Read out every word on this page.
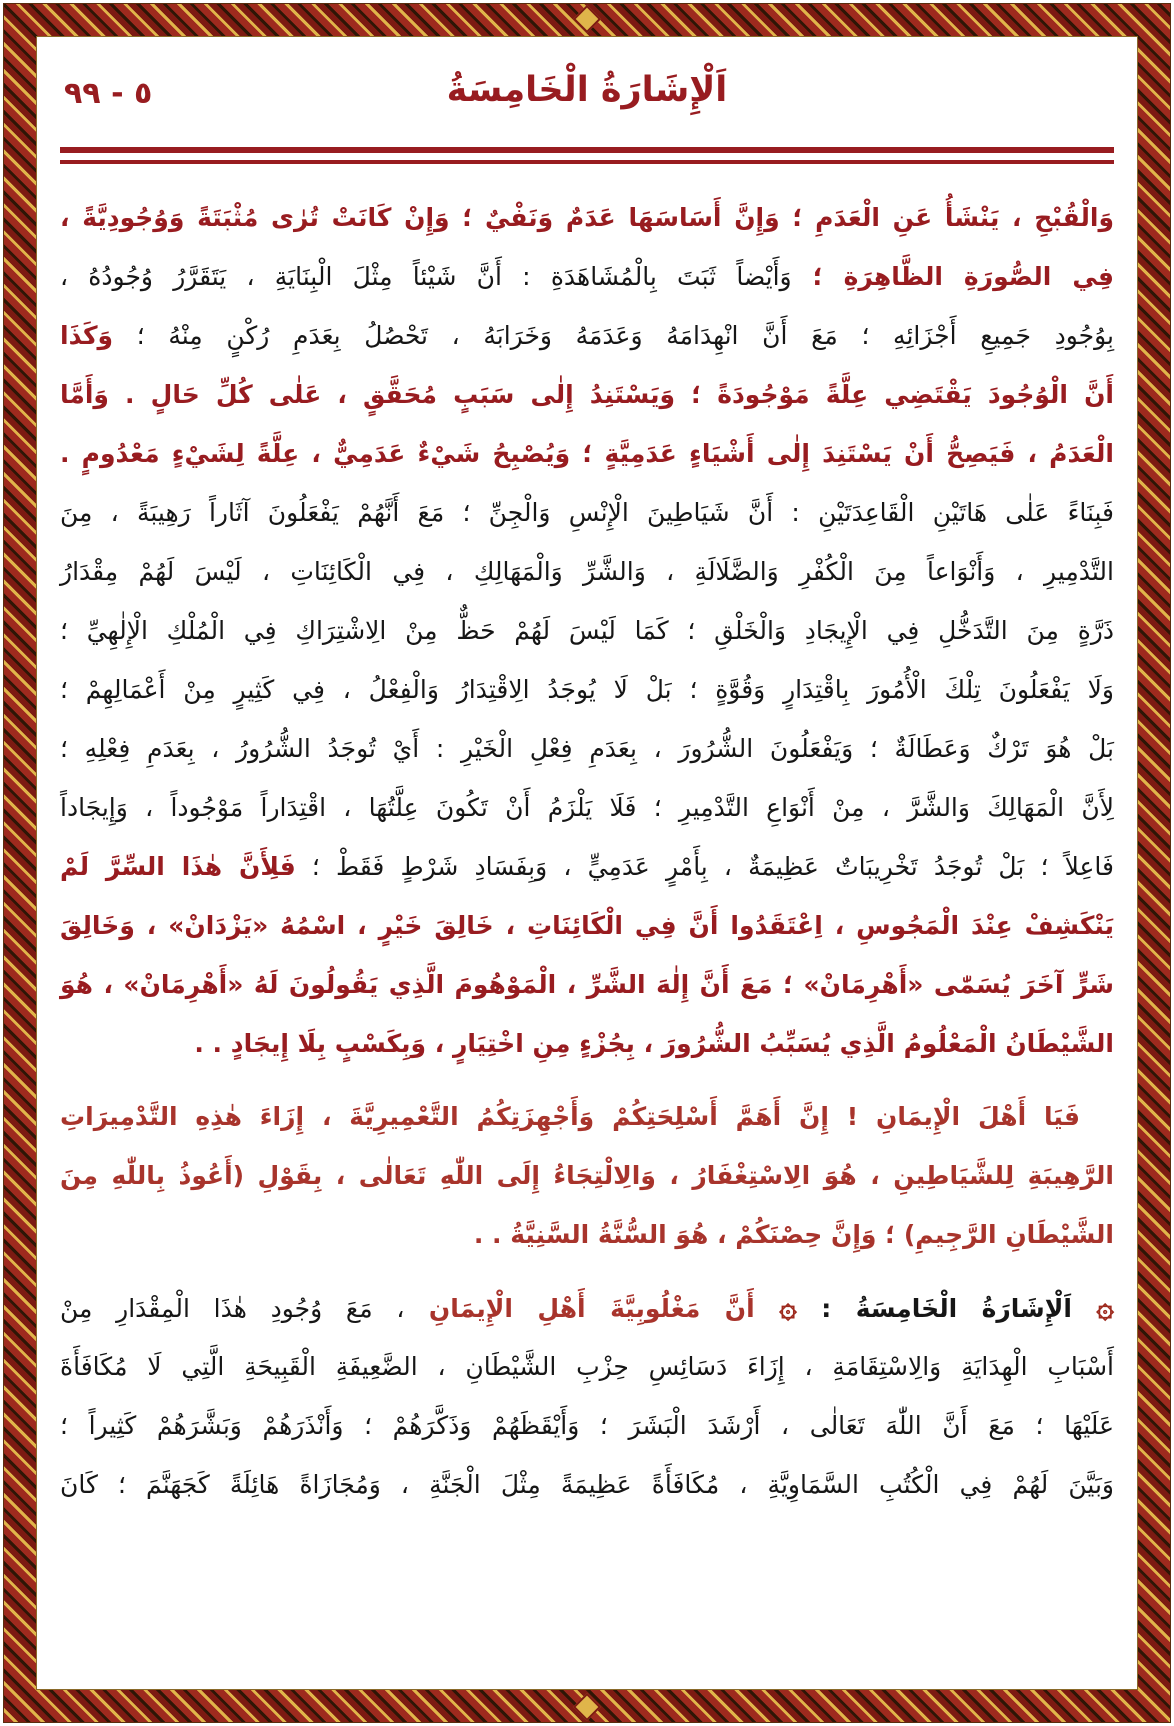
٥ - ٩٩	اَلْإِشَارَةُ الْخَامِسَةُ
وَالْقُبْحِ ، يَنْشَأُ عَنِ الْعَدَمِ ؛ وَإِنَّ أَسَاسَهَا عَدَمٌ وَنَفْيٌ ؛ وَإِنْ كَانَتْ تُرٰى مُثْبَتَةً وَوُجُودِيَّةً ،
فِي الصُّورَةِ الظَّاهِرَةِ ؛ وَأَيْضاً ثَبَتَ بِالْمُشَاهَدَةِ : أَنَّ شَيْئاً مِثْلَ الْبِنَايَةِ ، يَتَقَرَّرُ وُجُودُهُ ،
بِوُجُودِ جَمِيعِ أَجْزَائِهِ ؛ مَعَ أَنَّ انْهِدَامَهُ وَعَدَمَهُ وَخَرَابَهُ ، تَحْصُلُ بِعَدَمِ رُكْنٍ مِنْهُ ؛ وَكَذَا
أَنَّ الْوُجُودَ يَقْتَضِي عِلَّةً مَوْجُودَةً ؛ وَيَسْتَنِدُ إِلٰى سَبَبٍ مُحَقَّقٍ ، عَلٰى كُلِّ حَالٍ . وَأَمَّا
الْعَدَمُ ، فَيَصِحُّ أَنْ يَسْتَنِدَ إِلٰى أَشْيَاءٍ عَدَمِيَّةٍ ؛ وَيُصْبِحُ شَيْءٌ عَدَمِيٌّ ، عِلَّةً لِشَيْءٍ مَعْدُومٍ .
فَبِنَاءً عَلٰى هَاتَيْنِ الْقَاعِدَتَيْنِ : أَنَّ شَيَاطِينَ الْإِنْسِ وَالْجِنِّ ؛ مَعَ أَنَّهُمْ يَفْعَلُونَ آثَاراً رَهِيبَةً ، مِنَ
التَّدْمِيرِ ، وَأَنْوَاعاً مِنَ الْكُفْرِ وَالضَّلَالَةِ ، وَالشَّرِّ وَالْمَهَالِكِ ، فِي الْكَائِنَاتِ ، لَيْسَ لَهُمْ مِقْدَارُ
ذَرَّةٍ مِنَ التَّدَخُّلِ فِي الْإِيجَادِ وَالْخَلْقِ ؛ كَمَا لَيْسَ لَهُمْ حَظٌّ مِنْ الِاشْتِرَاكِ فِي الْمُلْكِ الْإِلٰهِيِّ ؛
وَلَا يَفْعَلُونَ تِلْكَ الْأُمُورَ بِاقْتِدَارٍ وَقُوَّةٍ ؛ بَلْ لَا يُوجَدُ الِاقْتِدَارُ وَالْفِعْلُ ، فِي كَثِيرٍ مِنْ أَعْمَالِهِمْ ؛
بَلْ هُوَ تَرْكٌ وَعَطَالَةٌ ؛ وَيَفْعَلُونَ الشُّرُورَ ، بِعَدَمِ فِعْلِ الْخَيْرِ : أَيْ تُوجَدُ الشُّرُورُ ، بِعَدَمِ فِعْلِهِ ؛
لِأَنَّ الْمَهَالِكَ وَالشَّرَّ ، مِنْ أَنْوَاعِ التَّدْمِيرِ ؛ فَلَا يَلْزَمُ أَنْ تَكُونَ عِلَّتُهَا ، اقْتِدَاراً مَوْجُوداً ، وَإِيجَاداً
فَاعِلاً ؛ بَلْ تُوجَدُ تَخْرِيبَاتٌ عَظِيمَةٌ ، بِأَمْرٍ عَدَمِيٍّ ، وَبِفَسَادِ شَرْطٍ فَقَطْ ؛ فَلِأَنَّ هٰذَا السِّرَّ لَمْ
يَنْكَشِفْ عِنْدَ الْمَجُوسِ ، اِعْتَقَدُوا أَنَّ فِي الْكَائِنَاتِ ، خَالِقَ خَيْرٍ ، اسْمُهُ «يَزْدَانْ» ، وَخَالِقَ
شَرٍّ آخَرَ يُسَمّٰى «أَهْرِمَانْ» ؛ مَعَ أَنَّ إِلٰهَ الشَّرِّ ، الْمَوْهُومَ الَّذِي يَقُولُونَ لَهُ «أَهْرِمَانْ» ، هُوَ
الشَّيْطَانُ الْمَعْلُومُ الَّذِي يُسَبِّبُ الشُّرُورَ ، بِجُزْءٍ مِنِ اخْتِيَارٍ ، وَبِكَسْبٍ بِلَا إِيجَادٍ . .
فَيَا أَهْلَ الْإِيمَانِ ! إِنَّ أَهَمَّ أَسْلِحَتِكُمْ وَأَجْهِزَتِكُمُ التَّعْمِيرِيَّةَ ، إِزَاءَ هٰذِهِ التَّدْمِيرَاتِ
الرَّهِيبَةِ لِلشَّيَاطِينِ ، هُوَ الِاسْتِغْفَارُ ، وَالِالْتِجَاءُ إِلَى اللّٰهِ تَعَالٰى ، بِقَوْلِ (أَعُوذُ بِاللّٰهِ مِنَ
الشَّيْطَانِ الرَّجِيمِ) ؛ وَإِنَّ حِصْنَكُمْ ، هُوَ السُّنَّةُ السَّنِيَّةُ . .
۞ اَلْإِشَارَةُ الْخَامِسَةُ : ۞ أَنَّ مَغْلُوبِيَّةَ أَهْلِ الْإِيمَانِ ، مَعَ وُجُودِ هٰذَا الْمِقْدَارِ مِنْ
أَسْبَابِ الْهِدَايَةِ وَالِاسْتِقَامَةِ ، إِزَاءَ دَسَائِسِ حِزْبِ الشَّيْطَانِ ، الضَّعِيفَةِ الْقَبِيحَةِ الَّتِي لَا مُكَافَأَةَ
عَلَيْهَا ؛ مَعَ أَنَّ اللّٰهَ تَعَالٰى ، أَرْشَدَ الْبَشَرَ ؛ وَأَيْقَظَهُمْ وَذَكَّرَهُمْ ؛ وَأَنْذَرَهُمْ وَبَشَّرَهُمْ كَثِيراً ؛
وَبَيَّنَ لَهُمْ فِي الْكُتُبِ السَّمَاوِيَّةِ ، مُكَافَأَةً عَظِيمَةً مِثْلَ الْجَنَّةِ ، وَمُجَازَاةً هَائِلَةً كَجَهَنَّمَ ؛ كَانَ
